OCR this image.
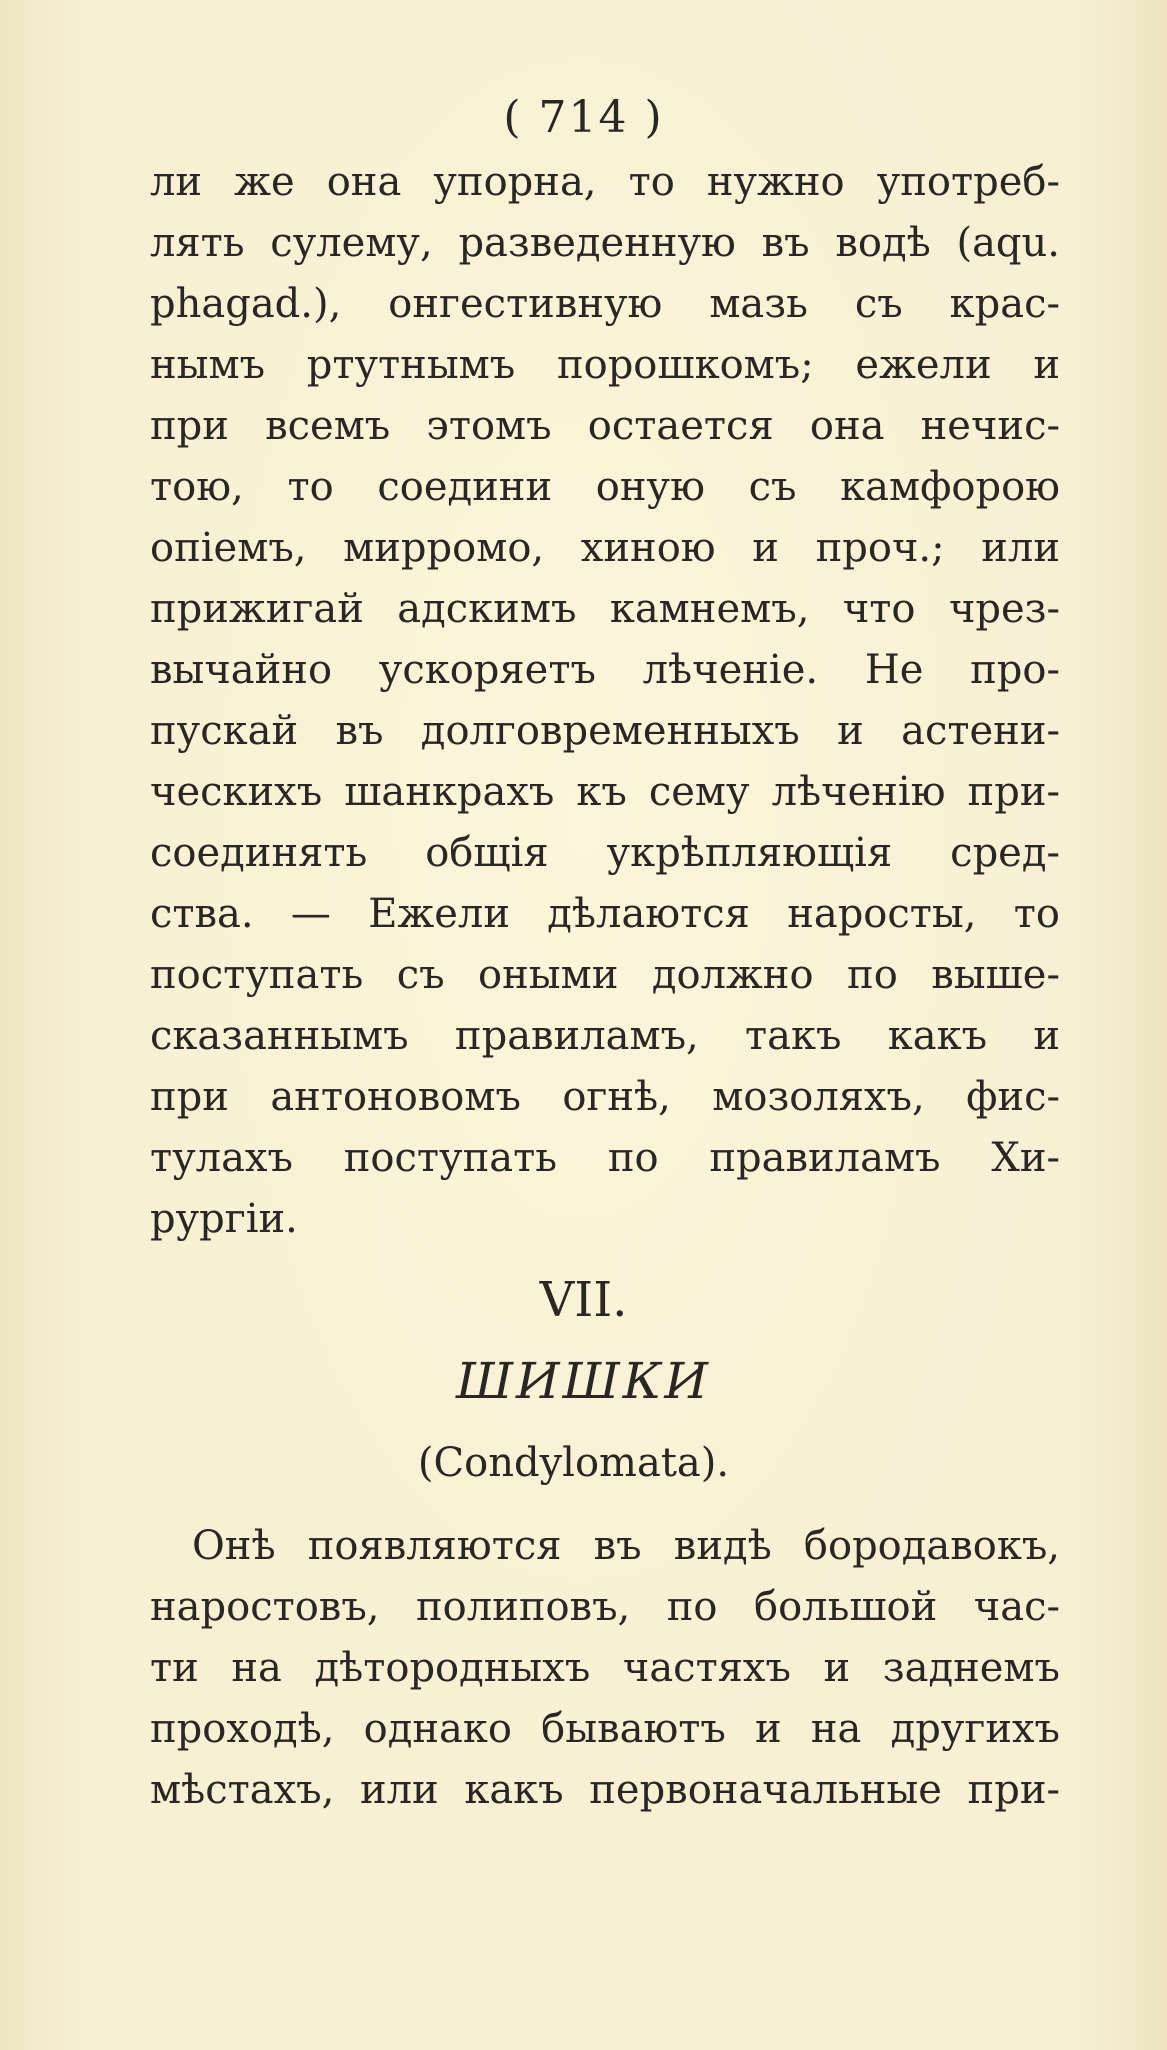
( 714 )
ли же она упорна, то нужно употреб-
лять сулему, разведенную въ водѣ (aqu.
phagad.), онгестивную мазь съ крас-
нымъ ртутнымъ порошкомъ; ежели и
при всемъ этомъ остается она нечис-
тою, то соедини оную съ камфорою
опiемъ, мирромо, хиною и проч.; или
прижигай адскимъ камнемъ, что чрез-
вычайно ускоряетъ лѣченiе. Не про-
пускай въ долговременныхъ и астени-
ческихъ шанкрахъ къ сему лѣченiю при-
соединять общiя укрѣпляющiя сред-
ства. — Ежели дѣлаются наросты, то
поступать съ оными должно по выше-
сказаннымъ правиламъ, такъ какъ и
при антоновомъ огнѣ, мозоляхъ, фис-
тулахъ поступать по правиламъ Хи-
рургiи.
VII.
ШИШКИ
(Condylomata).
Онѣ появляются въ видѣ бородавокъ,
наростовъ, полиповъ, по большой час-
ти на дѣтородныхъ частяхъ и заднемъ
проходѣ, однако бываютъ и на другихъ
мѣстахъ, или какъ первоначальные при-
